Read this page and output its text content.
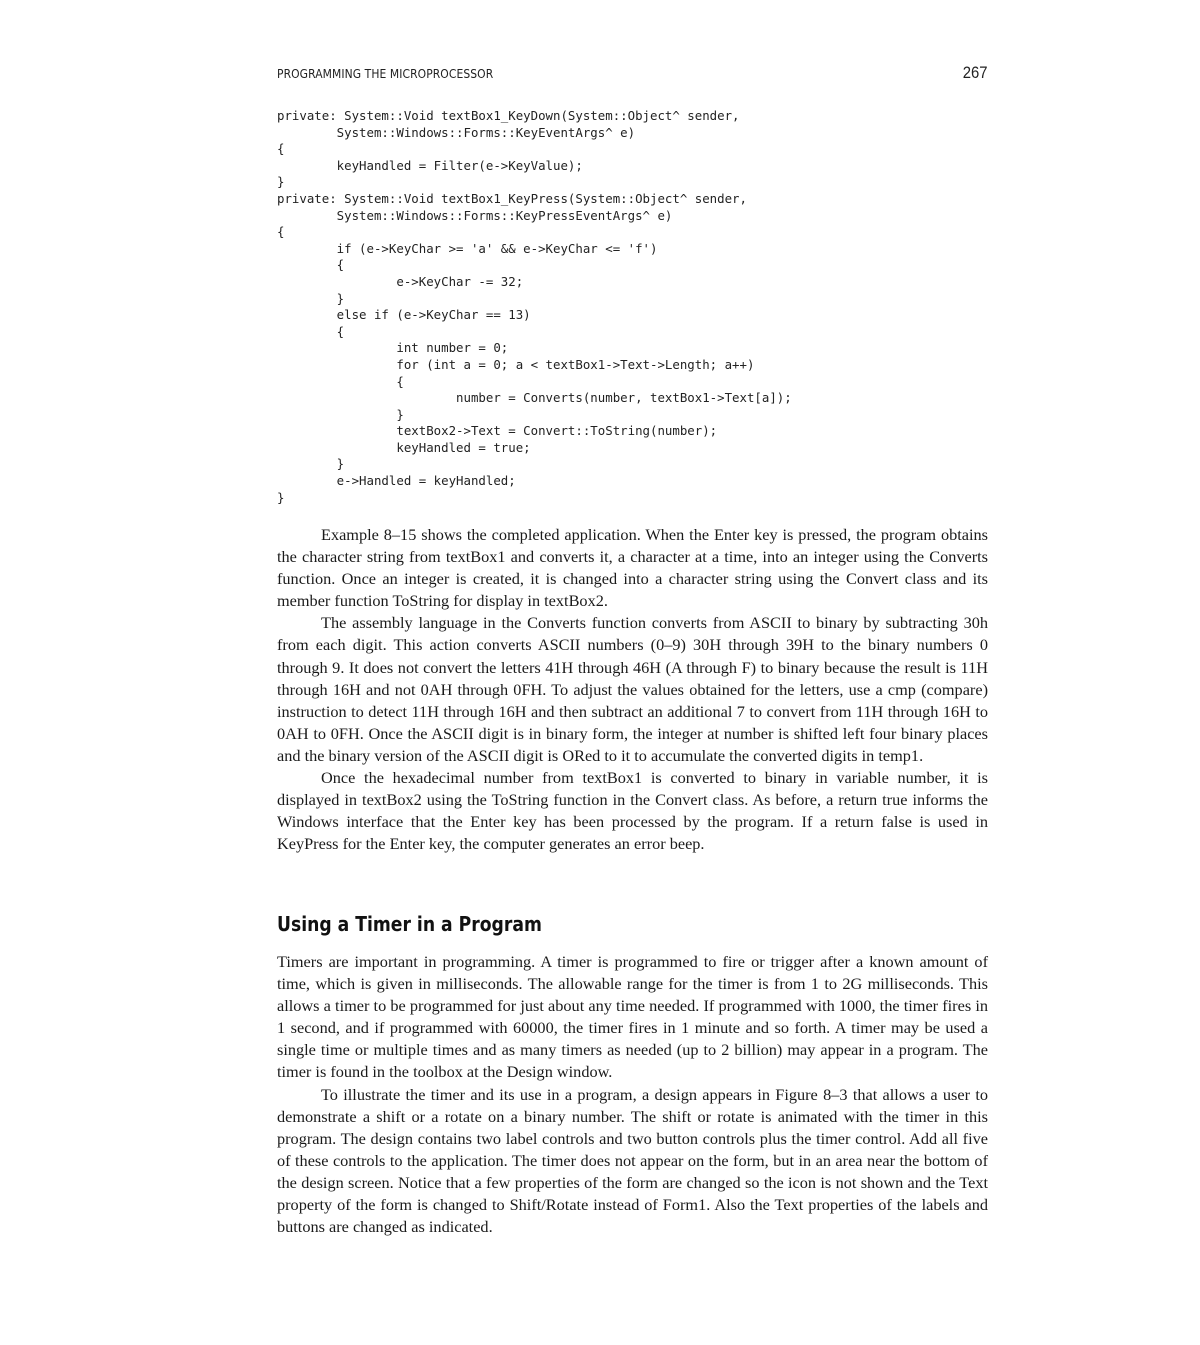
PROGRAMMING THE MICROPROCESSOR	267
private: System::Void textBox1_KeyDown(System::Object^ sender,
System::Windows::Forms::KeyEventArgs^ e)
{
keyHandled = Filter(e->KeyValue);
}
private: System::Void textBox1_KeyPress(System::Object^ sender,
System::Windows::Forms::KeyPressEventArgs^ e)
{
if (e->KeyChar >= 'a' && e->KeyChar <= 'f')
{
e->KeyChar -= 32;
}
else if (e->KeyChar == 13)
{
int number = 0;
for (int a = 0; a < textBox1->Text->Length; a++)
{
number = Converts(number, textBox1->Text[a]);
}
textBox2->Text = Convert::ToString(number);
keyHandled = true;
}
e->Handled = keyHandled;
}

Example 8–15 shows the completed application. When the Enter key is pressed, the program obtains the character string from textBox1 and converts it, a character at a time, into an integer using the Converts function. Once an integer is created, it is changed into a character string using the Convert class and its member function ToString for display in textBox2.

The assembly language in the Converts function converts from ASCII to binary by subtracting 30h from each digit. This action converts ASCII numbers (0–9) 30H through 39H to the binary numbers 0 through 9. It does not convert the letters 41H through 46H (A through F) to binary because the result is 11H through 16H and not 0AH through 0FH. To adjust the values obtained for the letters, use a cmp (compare) instruction to detect 11H through 16H and then subtract an additional 7 to convert from 11H through 16H to 0AH to 0FH. Once the ASCII digit is in binary form, the integer at number is shifted left four binary places and the binary version of the ASCII digit is ORed to it to accumulate the converted digits in temp1.

Once the hexadecimal number from textBox1 is converted to binary in variable number, it is displayed in textBox2 using the ToString function in the Convert class. As before, a return true informs the Windows interface that the Enter key has been processed by the program. If a return false is used in KeyPress for the Enter key, the computer generates an error beep.

Using a Timer in a Program

Timers are important in programming. A timer is programmed to fire or trigger after a known amount of time, which is given in milliseconds. The allowable range for the timer is from 1 to 2G milliseconds. This allows a timer to be programmed for just about any time needed. If programmed with 1000, the timer fires in 1 second, and if programmed with 60000, the timer fires in 1 minute and so forth. A timer may be used a single time or multiple times and as many timers as needed (up to 2 billion) may appear in a program. The timer is found in the toolbox at the Design window.

To illustrate the timer and its use in a program, a design appears in Figure 8–3 that allows a user to demonstrate a shift or a rotate on a binary number. The shift or rotate is animated with the timer in this program. The design contains two label controls and two button controls plus the timer control. Add all five of these controls to the application. The timer does not appear on the form, but in an area near the bottom of the design screen. Notice that a few properties of the form are changed so the icon is not shown and the Text property of the form is changed to Shift/Rotate instead of Form1. Also the Text properties of the labels and buttons are changed as indicated.
